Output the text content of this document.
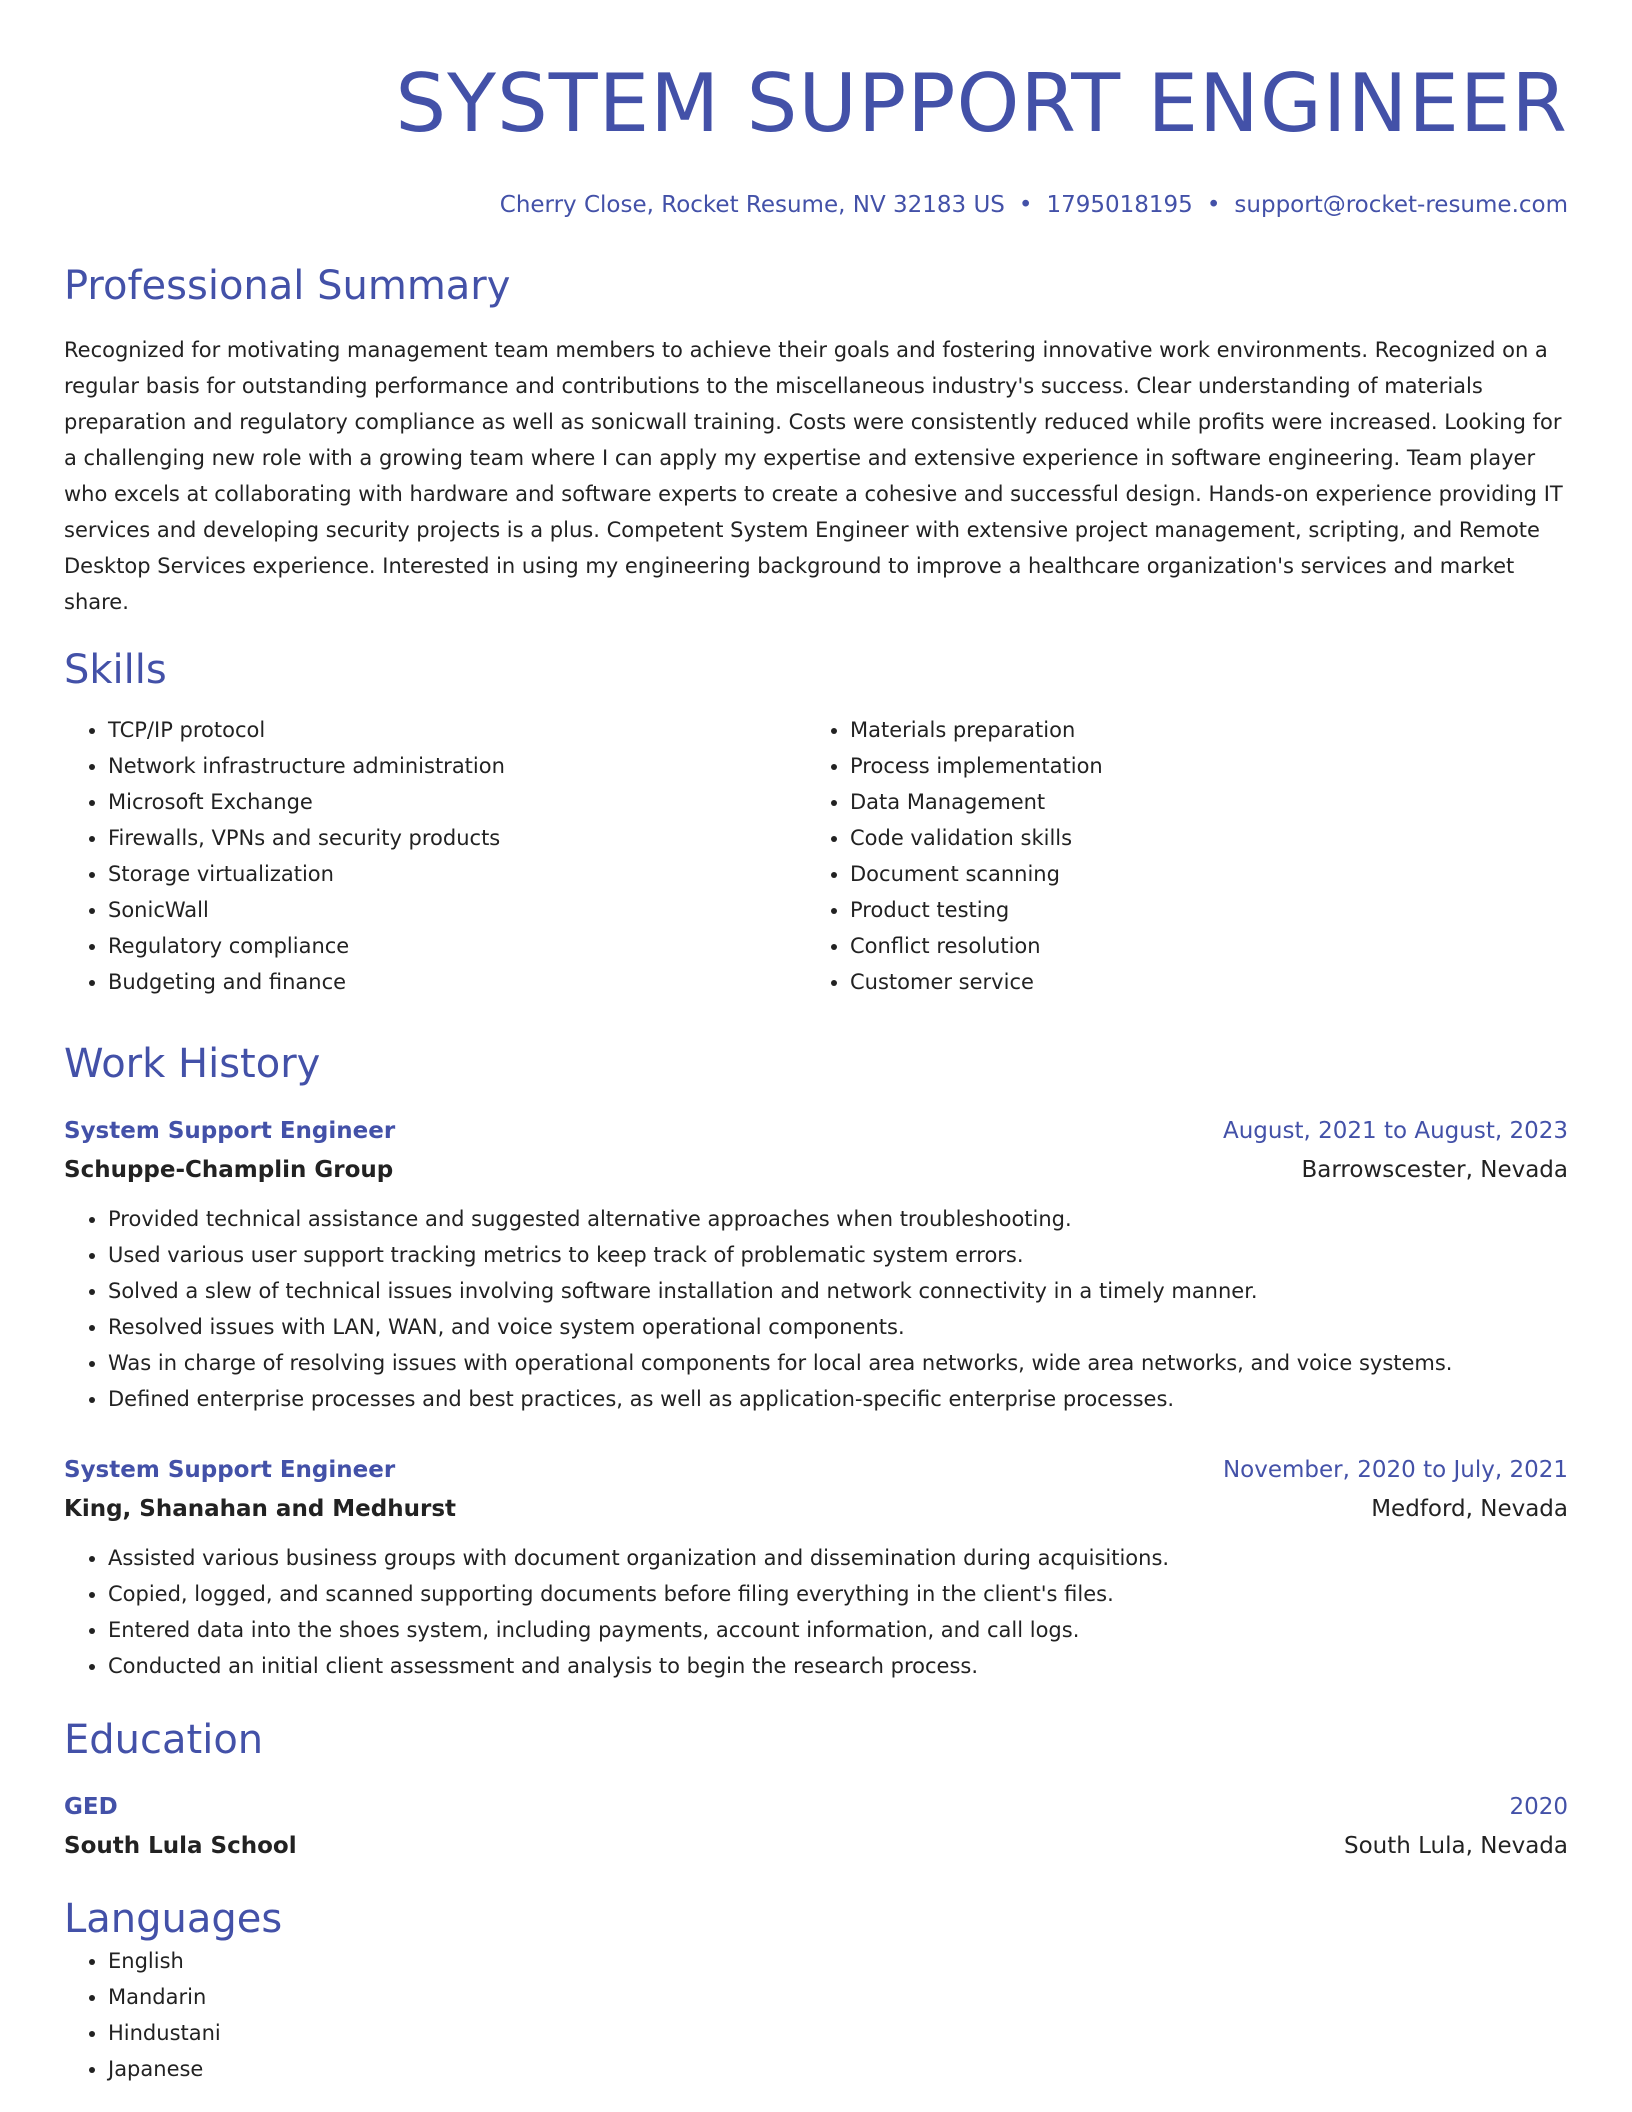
SYSTEM SUPPORT ENGINEER
Cherry Close, Rocket Resume, NV 32183 US • 1795018195 • support@rocket-resume.com
Professional Summary
Recognized for motivating management team members to achieve their goals and fostering innovative work environments. Recognized on a regular basis for outstanding performance and contributions to the miscellaneous industry's success. Clear understanding of materials preparation and regulatory compliance as well as sonicwall training. Costs were consistently reduced while profits were increased. Looking for a challenging new role with a growing team where I can apply my expertise and extensive experience in software engineering. Team player who excels at collaborating with hardware and software experts to create a cohesive and successful design. Hands-on experience providing IT services and developing security projects is a plus. Competent System Engineer with extensive project management, scripting, and Remote Desktop Services experience. Interested in using my engineering background to improve a healthcare organization's services and market share.
Skills
• TCP/IP protocol
• Network infrastructure administration
• Microsoft Exchange
• Firewalls, VPNs and security products
• Storage virtualization
• SonicWall
• Regulatory compliance
• Budgeting and finance
• Materials preparation
• Process implementation
• Data Management
• Code validation skills
• Document scanning
• Product testing
• Conflict resolution
• Customer service
Work History
System Support Engineer	August, 2021 to August, 2023
Schuppe-Champlin Group	Barrowscester, Nevada
• Provided technical assistance and suggested alternative approaches when troubleshooting.
• Used various user support tracking metrics to keep track of problematic system errors.
• Solved a slew of technical issues involving software installation and network connectivity in a timely manner.
• Resolved issues with LAN, WAN, and voice system operational components.
• Was in charge of resolving issues with operational components for local area networks, wide area networks, and voice systems.
• Defined enterprise processes and best practices, as well as application-specific enterprise processes.
System Support Engineer	November, 2020 to July, 2021
King, Shanahan and Medhurst	Medford, Nevada
• Assisted various business groups with document organization and dissemination during acquisitions.
• Copied, logged, and scanned supporting documents before filing everything in the client's files.
• Entered data into the shoes system, including payments, account information, and call logs.
• Conducted an initial client assessment and analysis to begin the research process.
Education
GED	2020
South Lula School	South Lula, Nevada
Languages
• English
• Mandarin
• Hindustani
• Japanese
